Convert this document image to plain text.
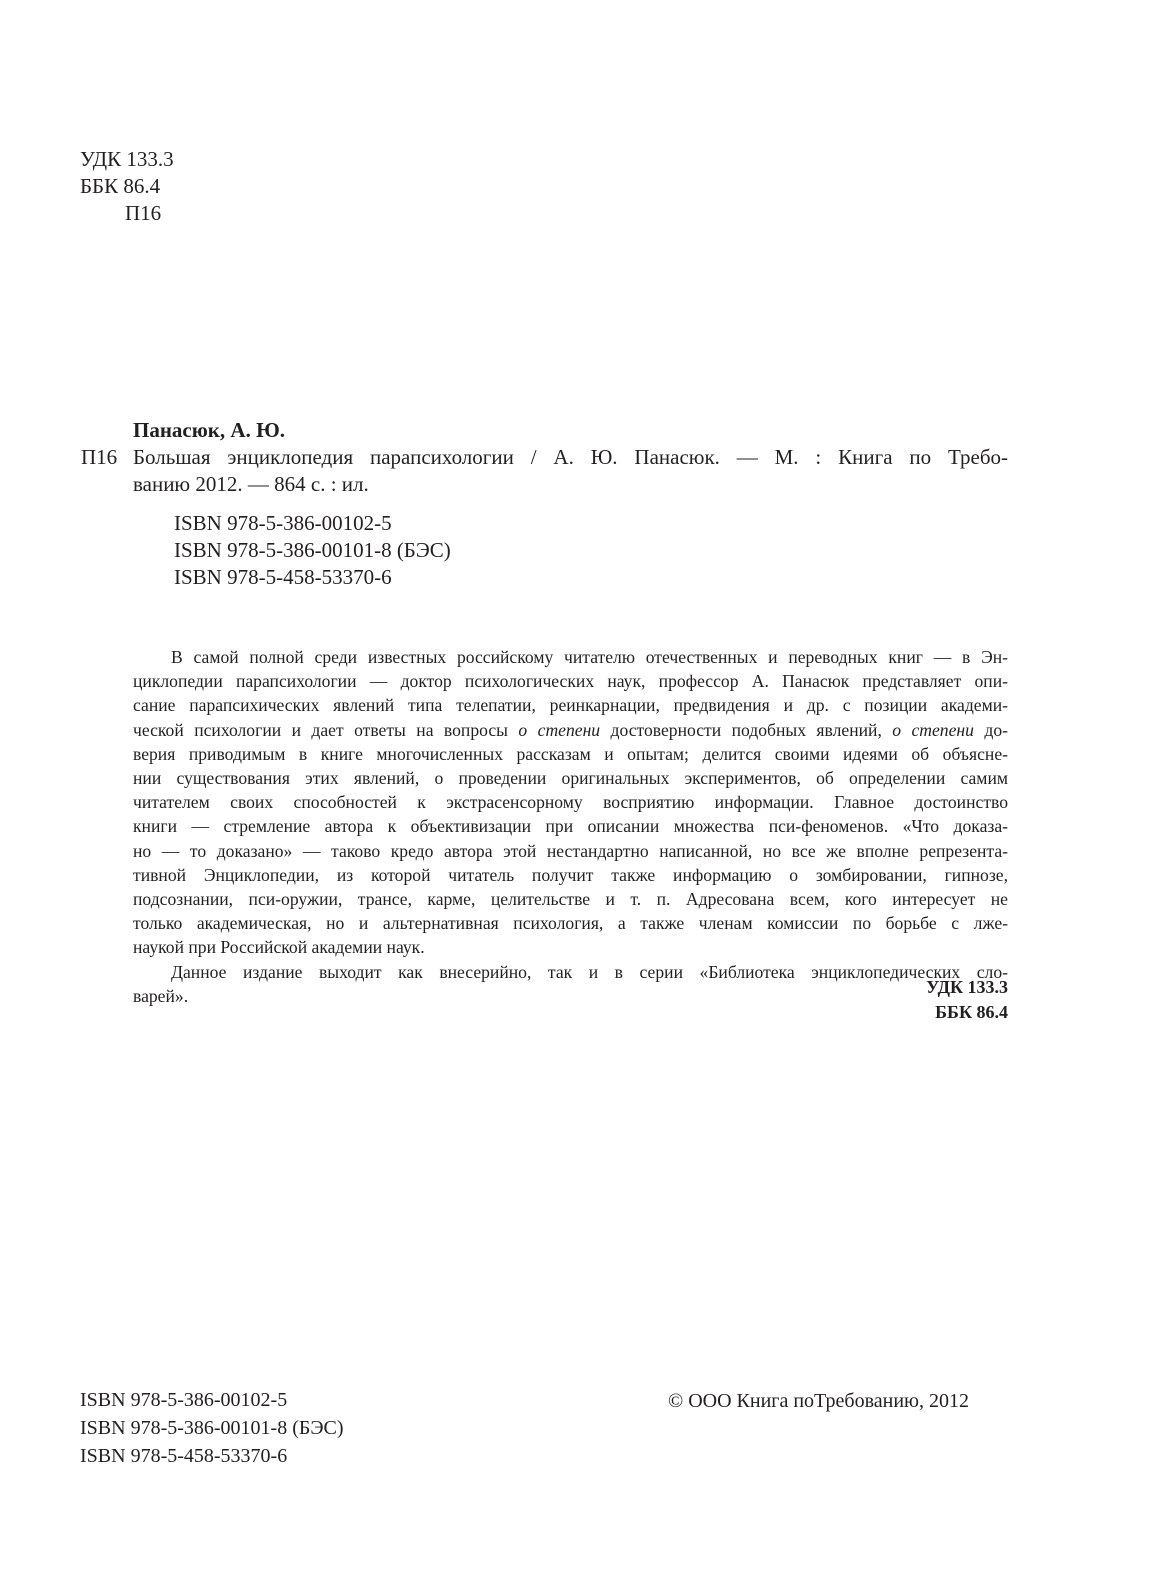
УДК 133.3
ББК 86.4
П16
Панасюк, А. Ю.
П16 Большая энциклопедия парапсихологии / А. Ю. Панасюк. — М. : Книга по Требо-
ванию 2012. — 864 с. : ил.
ISBN 978-5-386-00102-5
ISBN 978-5-386-00101-8 (БЭС)
ISBN 978-5-458-53370-6
В самой полной среди известных российскому читателю отечественных и переводных книг — в Эн-
циклопедии парапсихологии — доктор психологических наук, профессор А. Панасюк представляет опи-
сание парапсихических явлений типа телепатии, реинкарнации, предвидения и др. с позиции академи-
ческой психологии и дает ответы на вопросы о степени достоверности подобных явлений, о степени до-
верия приводимым в книге многочисленных рассказам и опытам; делится своими идеями об объясне-
нии существования этих явлений, о проведении оригинальных экспериментов, об определении самим
читателем своих способностей к экстрасенсорному восприятию информации. Главное достоинство
книги — стремление автора к объективизации при описании множества пси-феноменов. «Что доказа-
но — то доказано» — таково кредо автора этой нестандартно написанной, но все же вполне репрезента-
тивной Энциклопедии, из которой читатель получит также информацию о зомбировании, гипнозе,
подсознании, пси-оружии, трансе, карме, целительстве и т. п. Адресована всем, кого интересует не
только академическая, но и альтернативная психология, а также членам комиссии по борьбе с лже-
наукой при Российской академии наук.
Данное издание выходит как внесерийно, так и в серии «Библиотека энциклопедических сло-
варей».	УДК 133.3
ББК 86.4
ISBN 978-5-386-00102-5
ISBN 978-5-386-00101-8 (БЭС)
ISBN 978-5-458-53370-6
© ООО Книга поТребованию, 2012
